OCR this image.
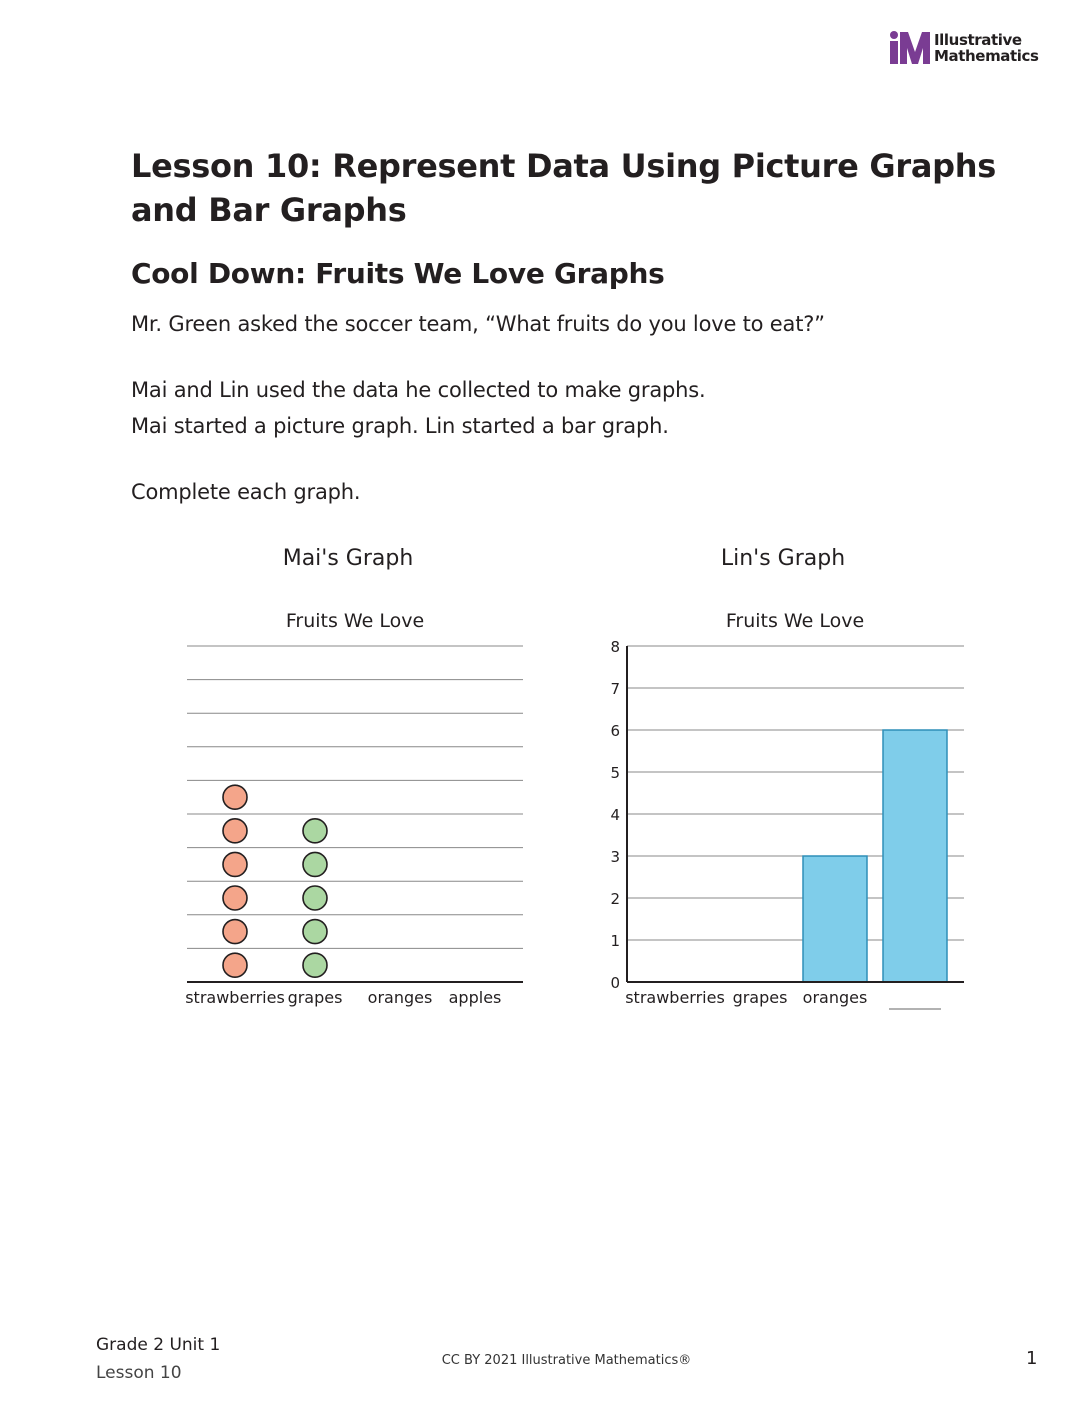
Illustrative
Mathematics
Lesson 10: Represent Data Using Picture Graphs and Bar Graphs
Cool Down: Fruits We Love Graphs

Mr. Green asked the soccer team, “What fruits do you love to eat?”

Mai and Lin used the data he collected to make graphs.

Mai started a picture graph. Lin started a bar graph.

Complete each graph.

Mai's Graph	Lin's Graph
Fruits We Love
strawberries grapes oranges apples
Fruits We Love
0
1
2
3
4
5
6
7
8
strawberries grapes oranges
Grade 2 Unit 1
Lesson 10
CC BY 2021 Illustrative Mathematics®	1
